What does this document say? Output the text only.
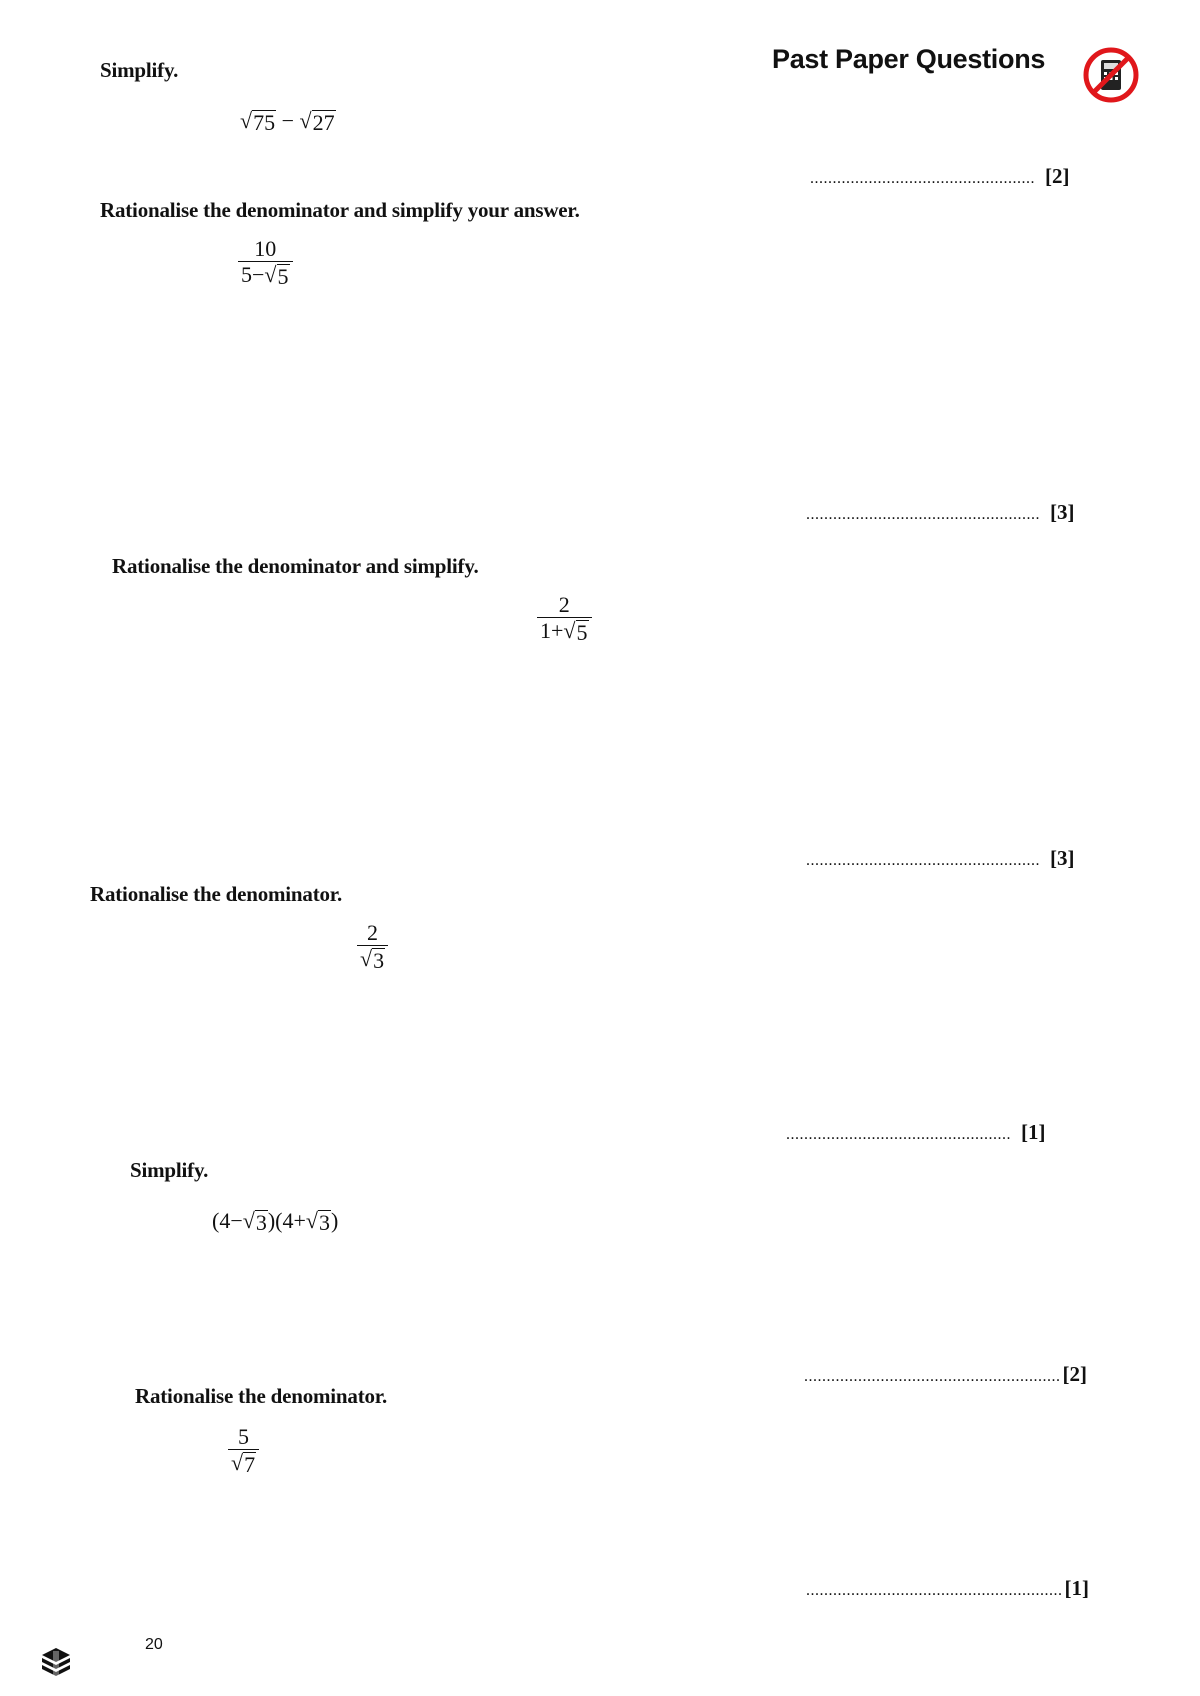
Past Paper Questions
Simplify.
√ 75 − √ 27
.................................................. [2]
Rationalise the denominator and simplify your answer.
$\frac{10}{5- √ 5}$
.................................................... [3]
Rationalise the denominator and simplify.
$\frac{2}{1+ √ 5}$
.................................................... [3]
Rationalise the denominator.
$\frac{2}{√ 3}$
.................................................. [1]
Simplify.
(4− √ 3 )(4+ √ 3 )
......................................................... [2]
Rationalise the denominator.
$\frac{5}{√ 7}$
......................................................... [1]
20
